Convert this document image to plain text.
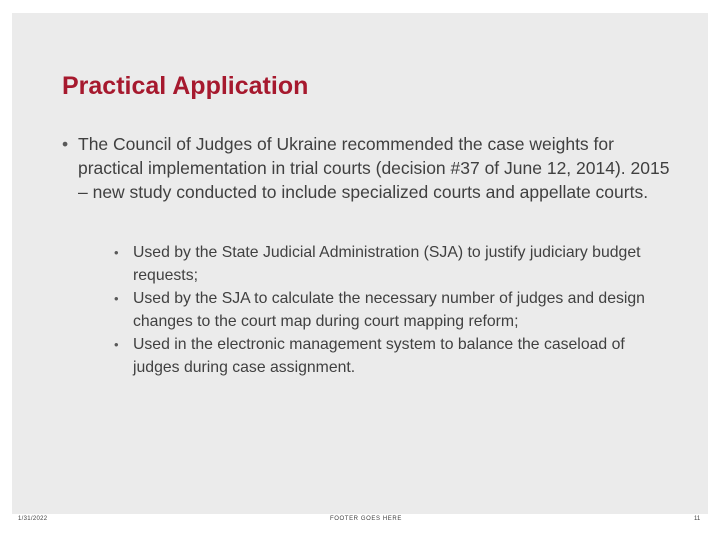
Practical Application
• The Council of Judges of Ukraine recommended the case weights for practical implementation in trial courts (decision #37 of June 12, 2014). 2015 – new study conducted to include specialized courts and appellate courts.
• Used by the State Judicial Administration (SJA) to justify judiciary budget requests;
• Used by the SJA to calculate the necessary number of judges and design changes to the court map during court mapping reform;
• Used in the electronic management system to balance the caseload of judges during case assignment.
1/31/2022	FOOTER GOES HERE	11
